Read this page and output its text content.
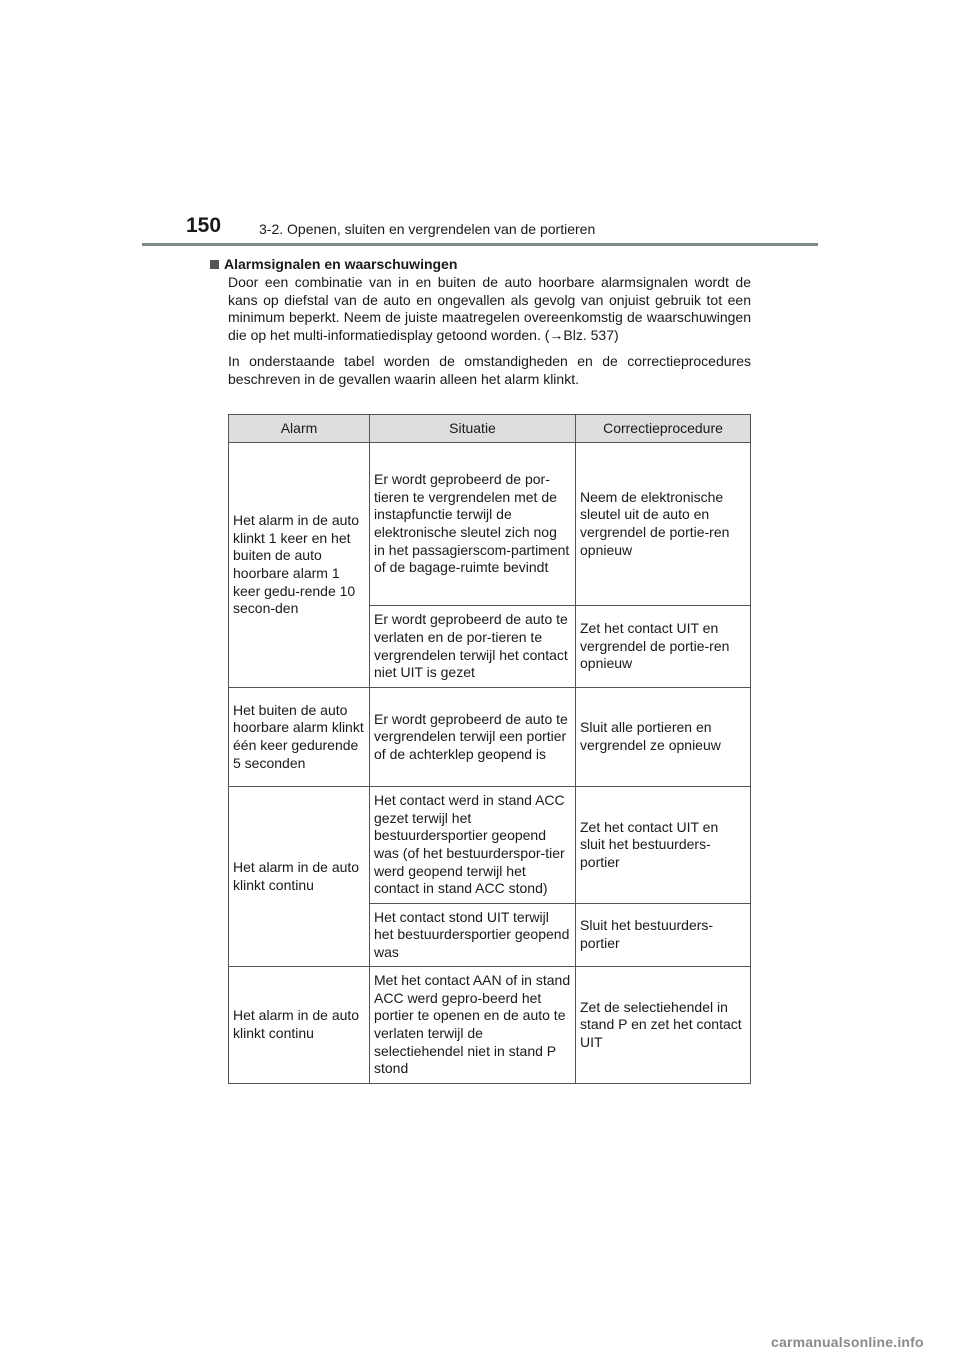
150	3-2. Openen, sluiten en vergrendelen van de portieren
Alarmsignalen en waarschuwingen

Door een combinatie van in en buiten de auto hoorbare alarmsignalen wordt de kans op diefstal van de auto en ongevallen als gevolg van onjuist gebruik tot een minimum beperkt. Neem de juiste maatregelen overeenkomstig de waarschuwingen die op het multi-informatiedisplay getoond worden. (→Blz. 537)

In onderstaande tabel worden de omstandigheden en de correctieprocedures beschreven in de gevallen waarin alleen het alarm klinkt.

Alarm	Situatie	Correctieprocedure
Het alarm in de auto klinkt 1 keer en het buiten de auto hoorbare alarm 1 keer gedu-rende 10 secon-den	Er wordt geprobeerd de por-tieren te vergrendelen met de instapfunctie terwijl de elektronische sleutel zich nog in het passagierscom-partiment of de bagage-ruimte bevindt	Neem de elektronische sleutel uit de auto en vergrendel de portie-ren opnieuw
	Er wordt geprobeerd de auto te verlaten en de por-tieren te vergrendelen terwijl het contact niet UIT is gezet	Zet het contact UIT en vergrendel de portie-ren opnieuw
Het buiten de auto hoorbare alarm klinkt één keer gedurende 5 seconden	Er wordt geprobeerd de auto te vergrendelen terwijl een portier of de achterklep geopend is	Sluit alle portieren en vergrendel ze opnieuw
Het alarm in de auto klinkt continu	Het contact werd in stand ACC gezet terwijl het bestuurdersportier geopend was (of het bestuurderspor-tier werd geopend terwijl het contact in stand ACC stond)	Zet het contact UIT en sluit het bestuurders-portier
	Het contact stond UIT terwijl het bestuurdersportier geopend was	Sluit het bestuurders-portier
Het alarm in de auto klinkt continu	Met het contact AAN of in stand ACC werd gepro-beerd het portier te openen en de auto te verlaten terwijl de selectiehendel niet in stand P stond	Zet de selectiehendel in stand P en zet het contact UIT
carmanualsonline.info
